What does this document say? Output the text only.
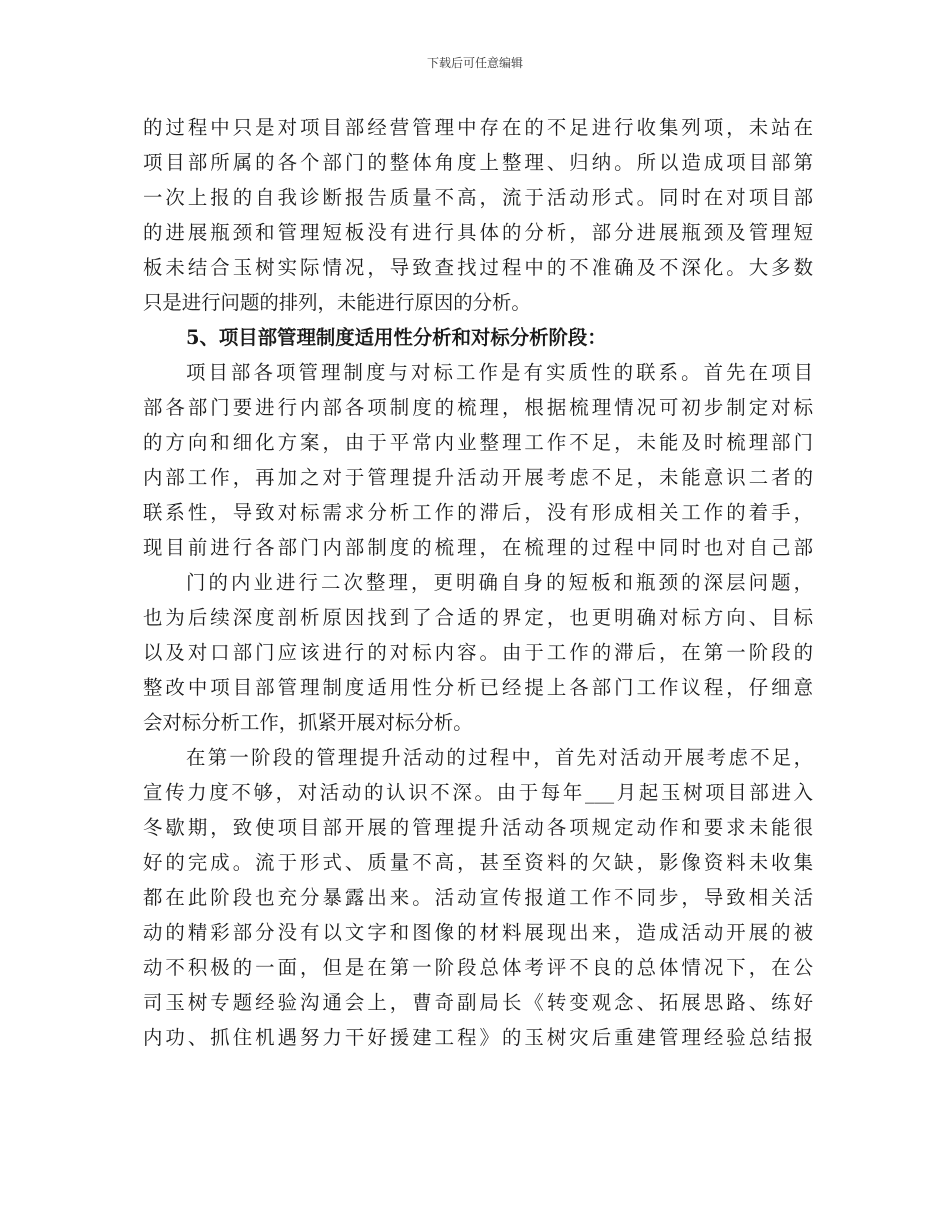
下载后可任意编辑
的过程中只是对项目部经营管理中存在的不足进行收集列项，未站在
项目部所属的各个部门的整体角度上整理、归纳。所以造成项目部第
一次上报的自我诊断报告质量不高，流于活动形式。同时在对项目部
的进展瓶颈和管理短板没有进行具体的分析，部分进展瓶颈及管理短
板未结合玉树实际情况，导致查找过程中的不准确及不深化。大多数
只是进行问题的排列，未能进行原因的分析。
5、项目部管理制度适用性分析和对标分析阶段：
项目部各项管理制度与对标工作是有实质性的联系。首先在项目
部各部门要进行内部各项制度的梳理，根据梳理情况可初步制定对标
的方向和细化方案，由于平常内业整理工作不足，未能及时梳理部门
内部工作，再加之对于管理提升活动开展考虑不足，未能意识二者的
联系性，导致对标需求分析工作的滞后，没有形成相关工作的着手，
现目前进行各部门内部制度的梳理，在梳理的过程中同时也对自己部
门的内业进行二次整理，更明确自身的短板和瓶颈的深层问题，
也为后续深度剖析原因找到了合适的界定，也更明确对标方向、目标
以及对口部门应该进行的对标内容。由于工作的滞后，在第一阶段的
整改中项目部管理制度适用性分析已经提上各部门工作议程，仔细意
会对标分析工作，抓紧开展对标分析。
在第一阶段的管理提升活动的过程中，首先对活动开展考虑不足，
宣传力度不够，对活动的认识不深。由于每年___月起玉树项目部进入
冬歇期，致使项目部开展的管理提升活动各项规定动作和要求未能很
好的完成。流于形式、质量不高，甚至资料的欠缺，影像资料未收集
都在此阶段也充分暴露出来。活动宣传报道工作不同步，导致相关活
动的精彩部分没有以文字和图像的材料展现出来，造成活动开展的被
动不积极的一面，但是在第一阶段总体考评不良的总体情况下，在公
司玉树专题经验沟通会上，曹奇副局长《转变观念、拓展思路、练好
内功、抓住机遇努力干好援建工程》的玉树灾后重建管理经验总结报
